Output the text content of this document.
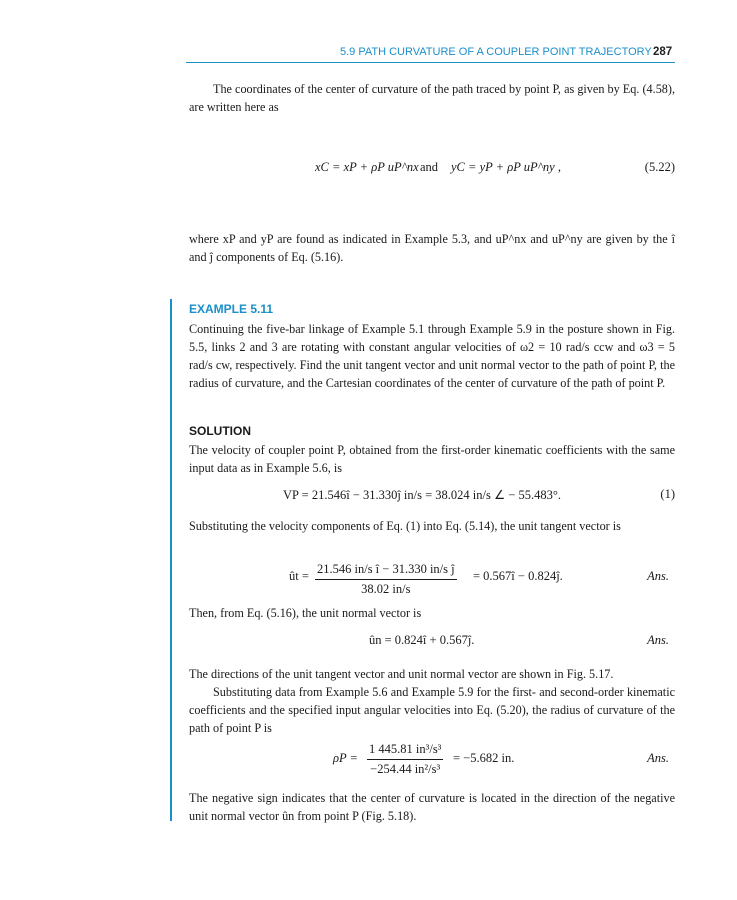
5.9 PATH CURVATURE OF A COUPLER POINT TRAJECTORY 287
The coordinates of the center of curvature of the path traced by point P, as given by Eq. (4.58), are written here as
xC = xP + ρP uP^nx and yC = yP + ρP uP^ny ,	(5.22)
where xP and yP are found as indicated in Example 5.3, and uP^nx and uP^ny are given by the î and ĵ components of Eq. (5.16).
EXAMPLE 5.11
Continuing the five-bar linkage of Example 5.1 through Example 5.9 in the posture shown in Fig. 5.5, links 2 and 3 are rotating with constant angular velocities of ω2 = 10 rad/s ccw and ω3 = 5 rad/s cw, respectively. Find the unit tangent vector and unit normal vector to the path of point P, the radius of curvature, and the Cartesian coordinates of the center of curvature of the path of point P.
SOLUTION
The velocity of coupler point P, obtained from the first-order kinematic coefficients with the same input data as in Example 5.6, is
VP = 21.546î − 31.330ĵ in/s = 38.024 in/s ∠ − 55.483°.	(1)
Substituting the velocity components of Eq. (1) into Eq. (5.14), the unit tangent vector is
ût = $\frac{\text{21.546 in/s î − 31.330 in/s ĵ}}{38.02 in/s}$ = 0.567î − 0.824ĵ.	Ans.
Then, from Eq. (5.16), the unit normal vector is
ûn = 0.824î + 0.567ĵ.	Ans.
The directions of the unit tangent vector and unit normal vector are shown in Fig. 5.17.
Substituting data from Example 5.6 and Example 5.9 for the first- and second-order kinematic coefficients and the specified input angular velocities into Eq. (5.20), the radius of curvature of the path of point P is
$\rho P = \frac{\text{1 445.81 in³/s³}}{\text{−254.44 in²/s³}} = -5.682$ in.	Ans.
The negative sign indicates that the center of curvature is located in the direction of the negative unit normal vector ûn from point P (Fig. 5.18).
